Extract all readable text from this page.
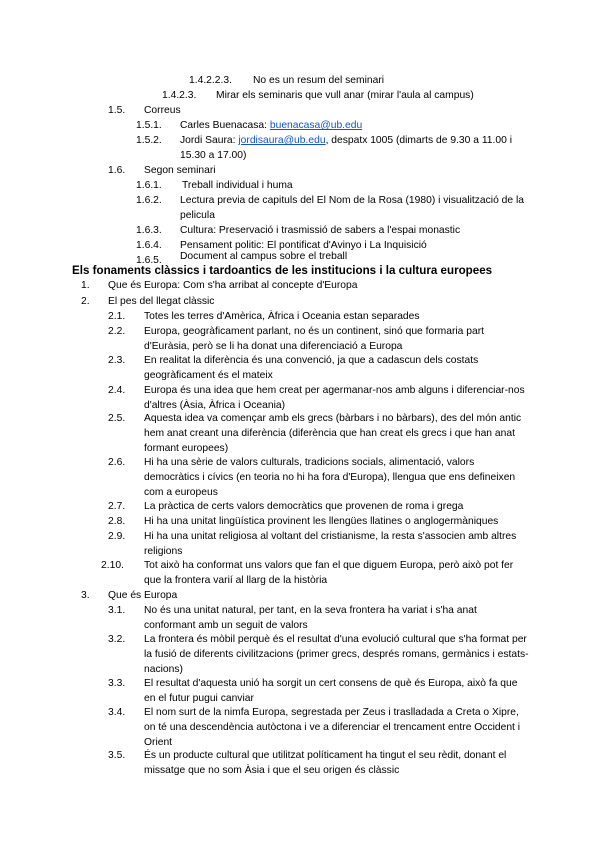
1.4.2.2.3. No es un resum del seminari
1.4.2.3. Mirar els seminaris que vull anar (mirar l'aula al campus)
1.5. Correus
1.5.1. Carles Buenacasa: buenacasa@ub.edu
1.5.2. Jordi Saura: jordisaura@ub.edu, despatx 1005 (dimarts de 9.30 a 11.00 i 15.30 a 17.00)
1.6. Segon seminari
1.6.1. Treball individual i huma
1.6.2. Lectura previa de capituls del El Nom de la Rosa (1980) i visualització de la pelicula
1.6.3. Cultura: Preservació i trasmissió de sabers a l'espai monastic
1.6.4. Pensament politic: El pontificat d'Avinyo i La Inquisició
1.6.5. Document al campus sobre el treball
Els fonaments clàssics i tardoantics de les institucions i la cultura europees
1. Que és Europa: Com s'ha arribat al concepte d'Europa
2. El pes del llegat clàssic
2.1. Totes les terres d'Amèrica, Àfrica i Oceania estan separades
2.2. Europa, geogràficament parlant, no és un continent, sinó que formaria part d'Euràsia, però se li ha donat una diferenciació a Europa
2.3. En realitat la diferència és una convenció, ja que a cadascun dels costats geogràficament és el mateix
2.4. Europa és una idea que hem creat per agermanar-nos amb alguns i diferenciar-nos d'altres (Àsia, Àfrica i Oceania)
2.5. Aquesta idea va començar amb els grecs (bàrbars i no bàrbars), des del món antic hem anat creant una diferència (diferència que han creat els grecs i que han anat formant europees)
2.6. Hi ha una sèrie de valors culturals, tradicions socials, alimentació, valors democràtics i cívics (en teoria no hi ha fora d'Europa), llengua que ens defineixen com a europeus
2.7. La pràctica de certs valors democràtics que provenen de roma i grega
2.8. Hi ha una unitat lingüística provinent les llengües llatines o anglogermàniques
2.9. Hi ha una unitat religiosa al voltant del cristianisme, la resta s'associen amb altres religions
2.10. Tot això ha conformat uns valors que fan el que diguem Europa, però això pot fer que la frontera varií al llarg de la història
3. Que és Europa
3.1. No és una unitat natural, per tant, en la seva frontera ha variat i s'ha anat conformant amb un seguit de valors
3.2. La frontera és mòbil perquè és el resultat d'una evolució cultural que s'ha format per la fusió de diferents civilitzacions (primer grecs, després romans, germànics i estats-nacions)
3.3. El resultat d'aquesta unió ha sorgit un cert consens de què és Europa, això fa que en el futur pugui canviar
3.4. El nom surt de la nimfa Europa, segrestada per Zeus i traslladada a Creta o Xipre, on té una descendència autòctona i ve a diferenciar el trencament entre Occident i Orient
3.5. És un producte cultural que utilitzat políticament ha tingut el seu rèdit, donant el missatge que no som Àsia i que el seu origen és clàssic
